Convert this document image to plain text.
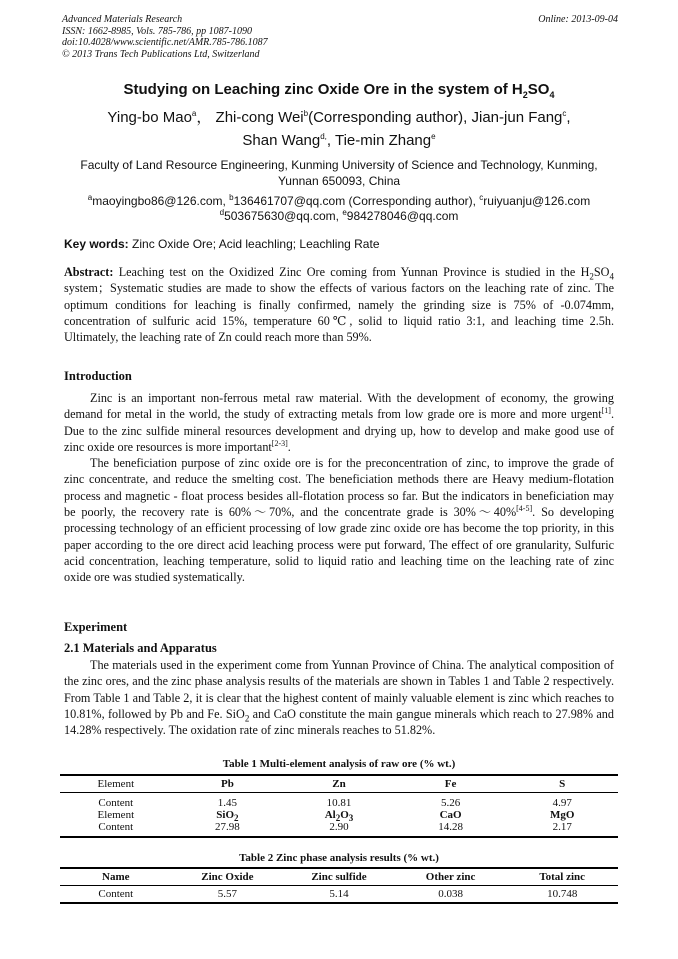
Advanced Materials Research
ISSN: 1662-8985, Vols. 785-786, pp 1087-1090
doi:10.4028/www.scientific.net/AMR.785-786.1087
© 2013 Trans Tech Publications Ltd, Switzerland
Online: 2013-09-04
Studying on Leaching zinc Oxide Ore in the system of $H_2SO_4$
Ying-bo Mao$^a$， Zhi-cong Wei$^b$(Corresponding author), Jian-jun Fang$^c$,
Shan Wang$^{d,}$, Tie-min Zhang$^e$
Faculty of Land Resource Engineering, Kunming University of Science and Technology, Kunming,
Yunnan 650093, China
$^a$maoyingbo86@126.com, $^b$136461707@qq.com (Corresponding author), $^c$ruiyuanju@126.com
$^d$503675630@qq.com, $^e$984278046@qq.com
Key words: Zinc Oxide Ore; Acid leachling; Leachling Rate

Abstract: Leaching test on the Oxidized Zinc Ore coming from Yunnan Province is studied in the $H_2SO_4$ system；Systematic studies are made to show the effects of various factors on the leaching rate of zinc. The optimum conditions for leaching is finally confirmed, namely the grinding size is 75% of -0.074mm, concentration of sulfuric acid 15%, temperature 60℃, solid to liquid ratio 3:1, and leaching time 2.5h. Ultimately, the leaching rate of Zn could reach more than 59%.

Introduction

Zinc is an important non-ferrous metal raw material. With the development of economy, the growing demand for metal in the world, the study of extracting metals from low grade ore is more and more urgent[1]. Due to the zinc sulfide mineral resources development and drying up, how to develop and make good use of zinc oxide ore resources is more important[2-3].

The beneficiation purpose of zinc oxide ore is for the preconcentration of zinc, to improve the grade of zinc concentrate, and reduce the smelting cost. The beneficiation methods there are Heavy medium-flotation process and magnetic - float process besides all-flotation process so far. But the indicators in beneficiation may be poorly, the recovery rate is 60%～70%, and the concentrate grade is 30%～40%[4-5]. So developing processing technology of an efficient processing of low grade zinc oxide ore has become the top priority, in this paper according to the ore direct acid leaching process were put forward, The effect of ore granularity, Sulfuric acid concentration, leaching temperature, solid to liquid ratio and leaching time on the leaching rate of zinc oxide ore was studied systematically.

Experiment
2.1 Materials and Apparatus

The materials used in the experiment come from Yunnan Province of China. The analytical composition of the zinc ores, and the zinc phase analysis results of the materials are shown in Tables 1 and Table 2 respectively. From Table 1 and Table 2, it is clear that the highest content of mainly valuable element is zinc which reaches to 10.81%, followed by Pb and Fe. SiO$_2$ and CaO constitute the main gangue minerals which reach to 27.98% and 14.28% respectively. The oxidation rate of zinc minerals reaches to 51.82%.

Table 1 Multi-element analysis of raw ore (% wt.)
Element	Pb	Zn	Fe	S
Content	1.45	10.81	5.26	4.97
Element	SiO$_2$	$Al_2O_3$	CaO	MgO
Content	27.98	2.90	14.28	2.17
Table 2 Zinc phase analysis results (% wt.)
Name	Zinc Oxide	Zinc sulfide	Other zinc	Total zinc
Content	5.57	5.14	0.038	10.748
